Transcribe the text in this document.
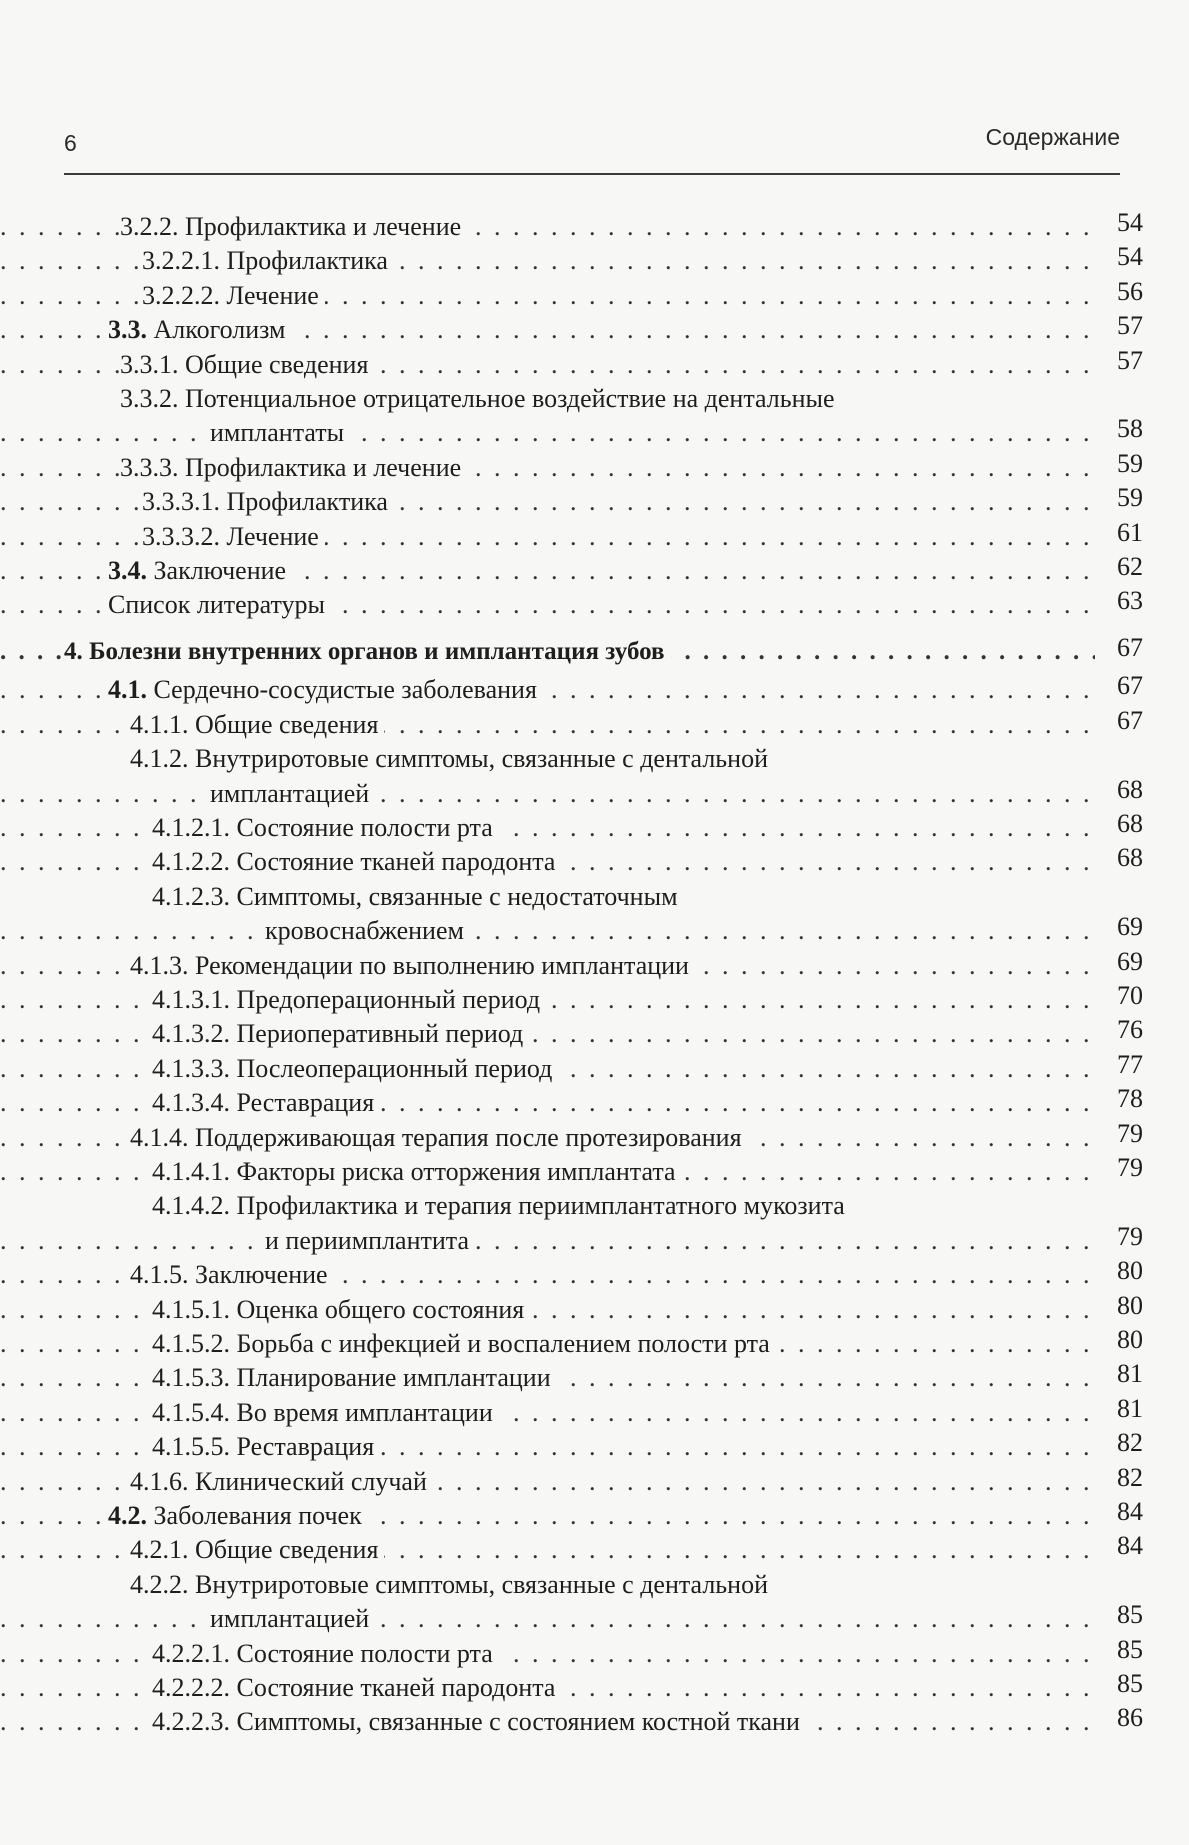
6	Содержание
. . .
3.2.2. Профилактика и лечение	54
. . .
3.2.2.1. Профилактика	54
. . .
3.2.2.2. Лечение	56
. . .
3.3. Алкоголизм	57
. . .
3.3.1. Общие сведения	57
. . .
3.3.2. Потенциальное отрицательное воздействие на дентальные
имплантаты	58
. . .
3.3.3. Профилактика и лечение	59
. . .
3.3.3.1. Профилактика	59
. . .
3.3.3.2. Лечение	61
. . .
3.4. Заключение	62
. . .
Список литературы	63
. . .
4. Болезни внутренних органов и имплантация зубов	67
. . .
4.1. Сердечно-сосудистые заболевания	67
. . .
4.1.1. Общие сведения	67
. . .
4.1.2. Внутриротовые симптомы, связанные с дентальной
имплантацией	68
. . .
4.1.2.1. Состояние полости рта	68
. . .
4.1.2.2. Состояние тканей пародонта	68
. . .
4.1.2.3. Симптомы, связанные с недостаточным
кровоснабжением	69
. . .
4.1.3. Рекомендации по выполнению имплантации	69
. . .
4.1.3.1. Предоперационный период	70
. . .
4.1.3.2. Периоперативный период	76
. . .
4.1.3.3. Послеоперационный период	77
. . .
4.1.3.4. Реставрация	78
. . .
4.1.4. Поддерживающая терапия после протезирования	79
. . .
4.1.4.1. Факторы риска отторжения имплантата	79
. . .
4.1.4.2. Профилактика и терапия периимплантатного мукозита
и периимплантита	79
. . .
4.1.5. Заключение	80
. . .
4.1.5.1. Оценка общего состояния	80
. . .
4.1.5.2. Борьба с инфекцией и воспалением полости рта	80
. . .
4.1.5.3. Планирование имплантации	81
. . .
4.1.5.4. Во время имплантации	81
. . .
4.1.5.5. Реставрация	82
. . .
4.1.6. Клинический случай	82
. . .
4.2. Заболевания почек	84
. . .
4.2.1. Общие сведения	84
. . .
4.2.2. Внутриротовые симптомы, связанные с дентальной
имплантацией	85
. . .
4.2.2.1. Состояние полости рта	85
. . .
4.2.2.2. Состояние тканей пародонта	85
. . .
4.2.2.3. Симптомы, связанные с состоянием костной ткани	86
